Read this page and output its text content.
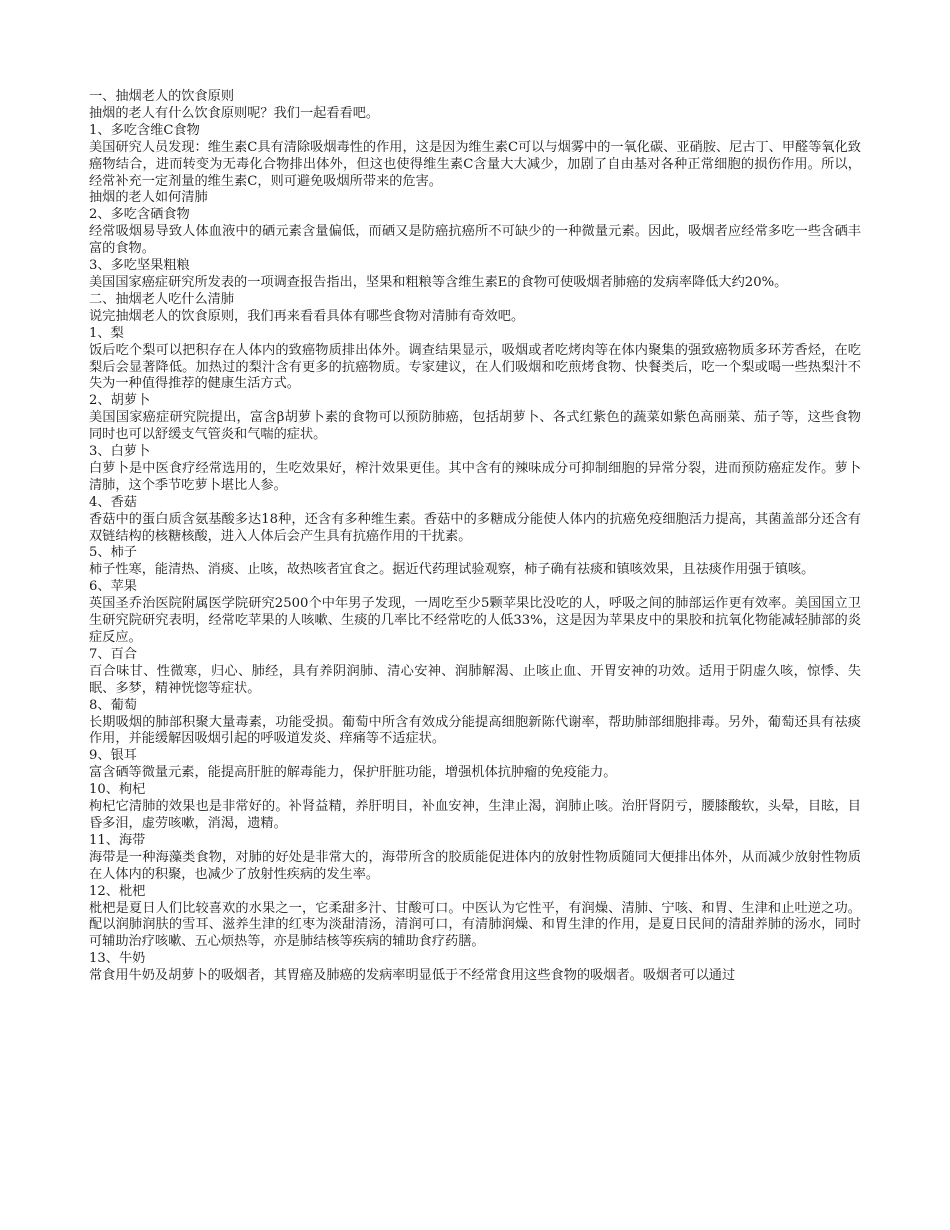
一、抽烟老人的饮食原则

抽烟的老人有什么饮食原则呢？我们一起看看吧。

1、多吃含维C食物

美国研究人员发现：维生素C具有清除吸烟毒性的作用，这是因为维生素C可以与烟雾中的一氧化碳、亚硝胺、尼古丁、甲醛等氧化致癌物结合，进而转变为无毒化合物排出体外，但这也使得维生素C含量大大减少，加剧了自由基对各种正常细胞的损伤作用。所以，经常补充一定剂量的维生素C，则可避免吸烟所带来的危害。

抽烟的老人如何清肺

2、多吃含硒食物

经常吸烟易导致人体血液中的硒元素含量偏低，而硒又是防癌抗癌所不可缺少的一种微量元素。因此，吸烟者应经常多吃一些含硒丰富的食物。

3、多吃坚果粗粮

美国国家癌症研究所发表的一项调查报告指出，坚果和粗粮等含维生素E的食物可使吸烟者肺癌的发病率降低大约20%。

二、抽烟老人吃什么清肺

说完抽烟老人的饮食原则，我们再来看看具体有哪些食物对清肺有奇效吧。

1、梨

饭后吃个梨可以把积存在人体内的致癌物质排出体外。调查结果显示，吸烟或者吃烤肉等在体内聚集的强致癌物质多环芳香烃，在吃梨后会显著降低。加热过的梨汁含有更多的抗癌物质。专家建议，在人们吸烟和吃煎烤食物、快餐类后，吃一个梨或喝一些热梨汁不失为一种值得推荐的健康生活方式。

2、胡萝卜

美国国家癌症研究院提出，富含β胡萝卜素的食物可以预防肺癌，包括胡萝卜、各式红紫色的蔬菜如紫色高丽菜、茄子等，这些食物同时也可以舒缓支气管炎和气喘的症状。

3、白萝卜

白萝卜是中医食疗经常选用的，生吃效果好，榨汁效果更佳。其中含有的辣味成分可抑制细胞的异常分裂，进而预防癌症发作。萝卜清肺，这个季节吃萝卜堪比人参。

4、香菇

香菇中的蛋白质含氨基酸多达18种，还含有多种维生素。香菇中的多糖成分能使人体内的抗癌免疫细胞活力提高，其菌盖部分还含有双链结构的核糖核酸，进入人体后会产生具有抗癌作用的干扰素。

5、柿子

柿子性寒，能清热、消痰、止咳，故热咳者宜食之。据近代药理试验观察，柿子确有祛痰和镇咳效果，且祛痰作用强于镇咳。

6、苹果

英国圣乔治医院附属医学院研究2500个中年男子发现，一周吃至少5颗苹果比没吃的人，呼吸之间的肺部运作更有效率。美国国立卫生研究院研究表明，经常吃苹果的人咳嗽、生痰的几率比不经常吃的人低33%，这是因为苹果皮中的果胶和抗氧化物能减轻肺部的炎症反应。

7、百合

百合味甘、性微寒，归心、肺经，具有养阴润肺、清心安神、润肺解渴、止咳止血、开胃安神的功效。适用于阴虚久咳，惊悸、失眠、多梦，精神恍惚等症状。

8、葡萄

长期吸烟的肺部积聚大量毒素，功能受损。葡萄中所含有效成分能提高细胞新陈代谢率，帮助肺部细胞排毒。另外，葡萄还具有祛痰作用，并能缓解因吸烟引起的呼吸道发炎、痒痛等不适症状。

9、银耳

富含硒等微量元素，能提高肝脏的解毒能力，保护肝脏功能，增强机体抗肿瘤的免疫能力。

10、枸杞

枸杞它清肺的效果也是非常好的。补肾益精，养肝明目，补血安神，生津止渴，润肺止咳。治肝肾阴亏，腰膝酸软，头晕，目眩，目昏多泪，虚劳咳嗽，消渴，遗精。

11、海带

海带是一种海藻类食物，对肺的好处是非常大的，海带所含的胶质能促进体内的放射性物质随同大便排出体外，从而减少放射性物质在人体内的积聚，也减少了放射性疾病的发生率。

12、枇杷

枇杷是夏日人们比较喜欢的水果之一，它柔甜多汁、甘酸可口。中医认为它性平，有润燥、清肺、宁咳、和胃、生津和止吐逆之功。配以润肺润肤的雪耳、滋养生津的红枣为淡甜清汤，清润可口，有清肺润燥、和胃生津的作用，是夏日民间的清甜养肺的汤水，同时可辅助治疗咳嗽、五心烦热等，亦是肺结核等疾病的辅助食疗药膳。

13、牛奶

常食用牛奶及胡萝卜的吸烟者，其胃癌及肺癌的发病率明显低于不经常食用这些食物的吸烟者。吸烟者可以通过
